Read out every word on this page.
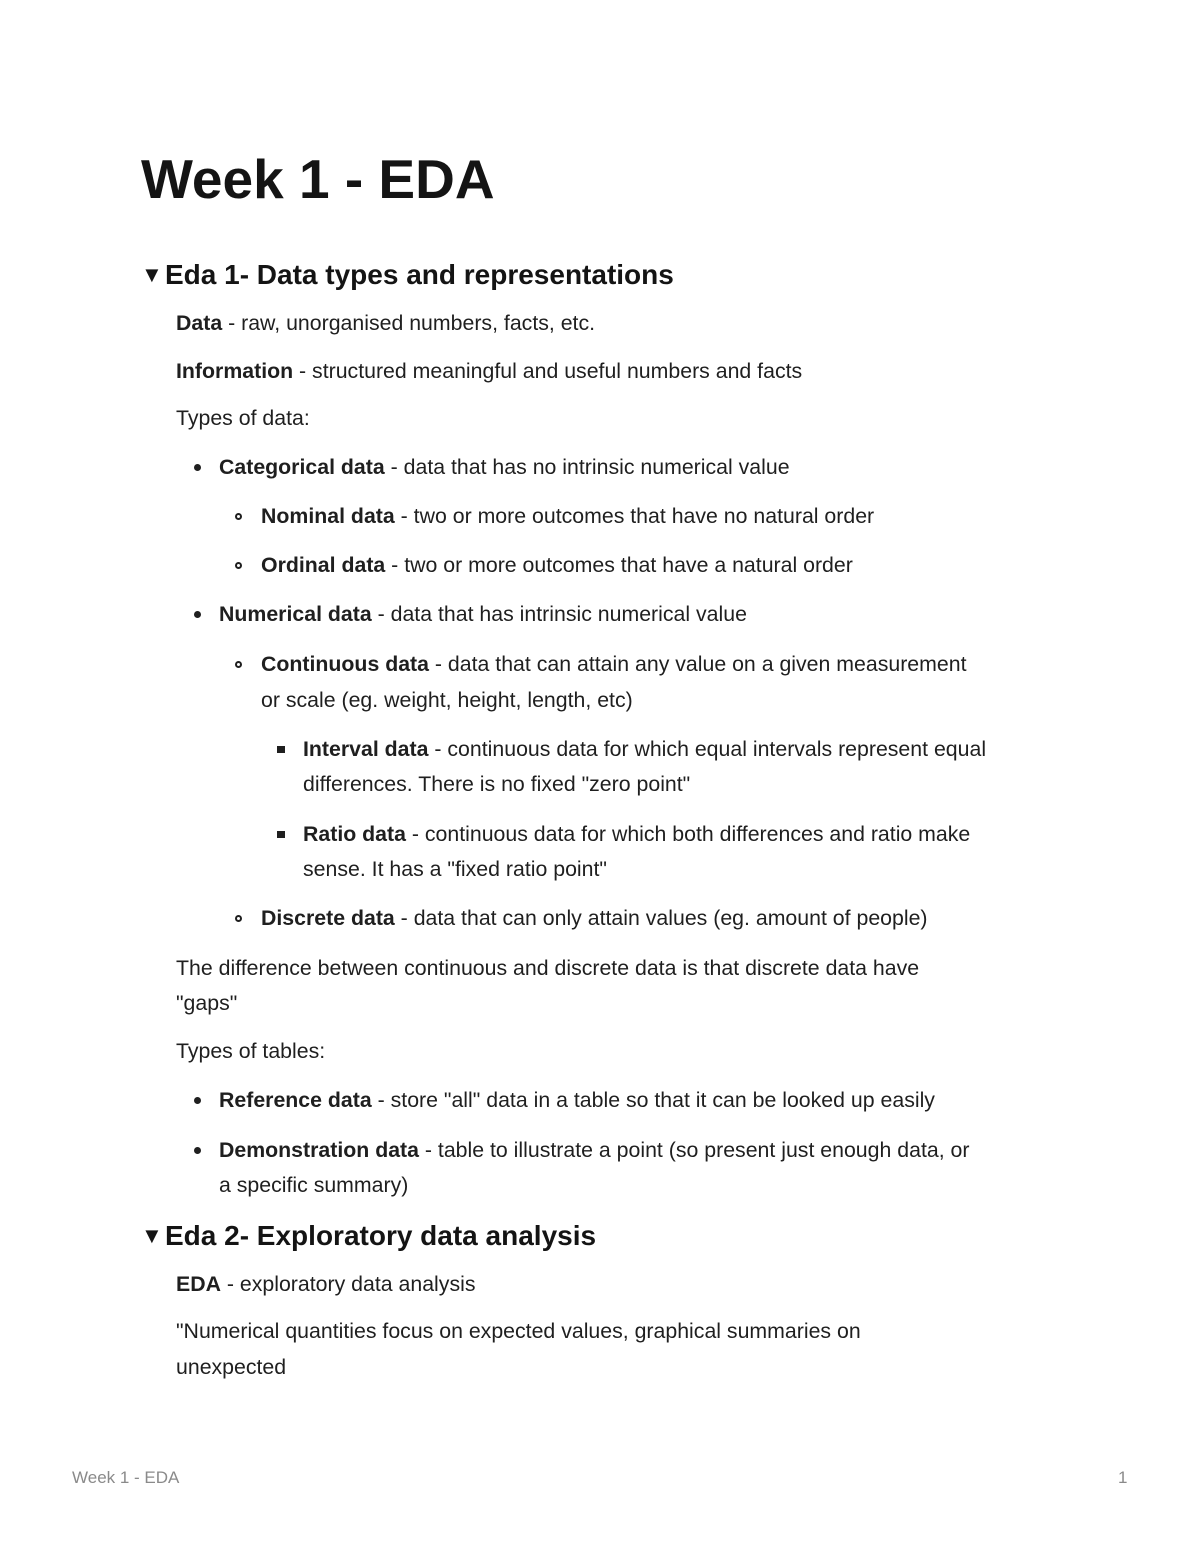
Week 1 - EDA
▼Eda 1- Data types and representations

Data - raw, unorganised numbers, facts, etc.

Information - structured meaningful and useful numbers and facts

Types of data:

Categorical data - data that has no intrinsic numerical value

Nominal data - two or more outcomes that have no natural order

Ordinal data - two or more outcomes that have a natural order

Numerical data - data that has intrinsic numerical value

Continuous data - data that can attain any value on a given measurement

or scale (eg. weight, height, length, etc)

Interval data - continuous data for which equal intervals represent equal

differences. There is no fixed "zero point"

Ratio data - continuous data for which both differences and ratio make

sense. It has a "fixed ratio point"

Discrete data - data that can only attain values (eg. amount of people)

The difference between continuous and discrete data is that discrete data have

"gaps"

Types of tables:

Reference data - store "all" data in a table so that it can be looked up easily

Demonstration data - table to illustrate a point (so present just enough data, or

a specific summary)

▼Eda 2- Exploratory data analysis

EDA - exploratory data analysis

"Numerical quantities focus on expected values, graphical summaries on

unexpected

Week 1 - EDA	1
